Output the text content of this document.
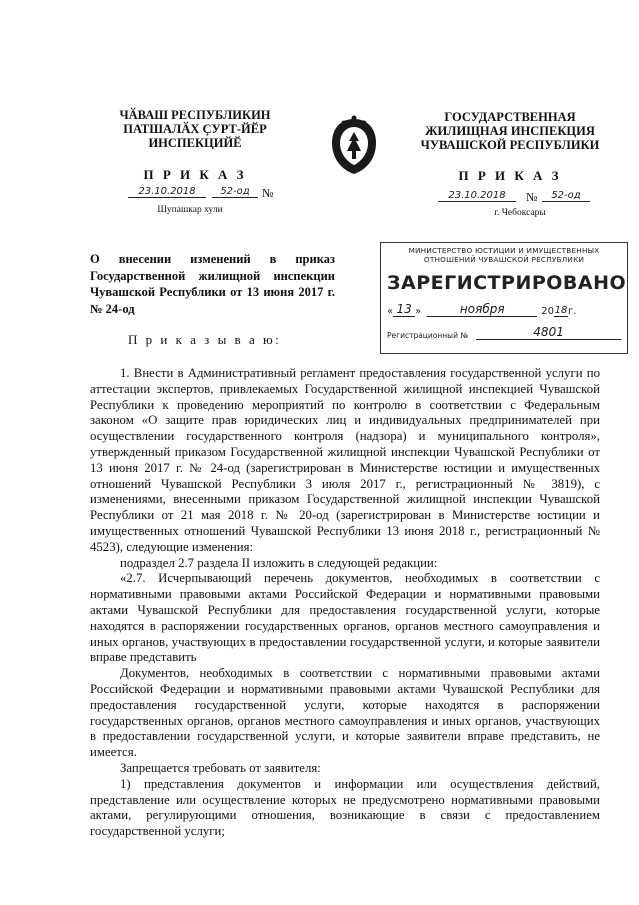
ЧӐВАШ РЕСПУБЛИКИН
ПАТШАЛӐХ ҪУРТ-ЙӖР
ИНСПЕКЦИЙӖ
П Р И К А З
23.10.2018	52-од	№
Шупашкар хули
ГОСУДАРСТВЕННАЯ
ЖИЛИЩНАЯ ИНСПЕКЦИЯ
ЧУВАШСКОЙ РЕСПУБЛИКИ
П Р И К А З
23.10.2018	№	52-од
г. Чебоксары
О внесении изменений в приказ Государственной жилищной инспекции Чувашской Республики от 13 июня 2017 г. № 24-од
П р и к а з ы в а ю:
МИНИСТЕРСТВО ЮСТИЦИИ И ИМУЩЕСТВЕННЫХ
ОТНОШЕНИЙ ЧУВАШСКОЙ РЕСПУБЛИКИ
ЗАРЕГИСТРИРОВАНО
« 13 »	ноября	20 18 г.
Регистрационный №	4801

1. Внести в Административный регламент предоставления государственной услуги по аттестации экспертов, привлекаемых Государственной жилищной инспекцией Чувашской Республики к проведению мероприятий по контролю в соответствии с Федеральным законом «О защите прав юридических лиц и индивидуальных предпринимателей при осуществлении государственного контроля (надзора) и муниципального контроля», утвержденный приказом Государственной жилищной инспекции Чувашской Республики от 13 июня 2017 г. № 24-од (зарегистрирован в Министерстве юстиции и имущественных отношений Чувашской Республики 3 июля 2017 г., регистрационный № 3819), с изменениями, внесенными приказом Государственной жилищной инспекции Чувашской Республики от 21 мая 2018 г. № 20-од (зарегистрирован в Министерстве юстиции и имущественных отношений Чувашской Республики 13 июня 2018 г., регистрационный № 4523), следующие изменения:

подраздел 2.7 раздела II изложить в следующей редакции:

«2.7. Исчерпывающий перечень документов, необходимых в соответствии с нормативными правовыми актами Российской Федерации и нормативными правовыми актами Чувашской Республики для предоставления государственной услуги, которые находятся в распоряжении государственных органов, органов местного самоуправления и иных органов, участвующих в предоставлении государственной услуги, и которые заявители вправе представить

Документов, необходимых в соответствии с нормативными правовыми актами Российской Федерации и нормативными правовыми актами Чувашской Республики для предоставления государственной услуги, которые находятся в распоряжении государственных органов, органов местного самоуправления и иных органов, участвующих в предоставлении государственной услуги, и которые заявители вправе представить, не имеется.

Запрещается требовать от заявителя:

1) представления документов и информации или осуществления действий, представление или осуществление которых не предусмотрено нормативными правовыми актами, регулирующими отношения, возникающие в связи с предоставлением государственной услуги;
